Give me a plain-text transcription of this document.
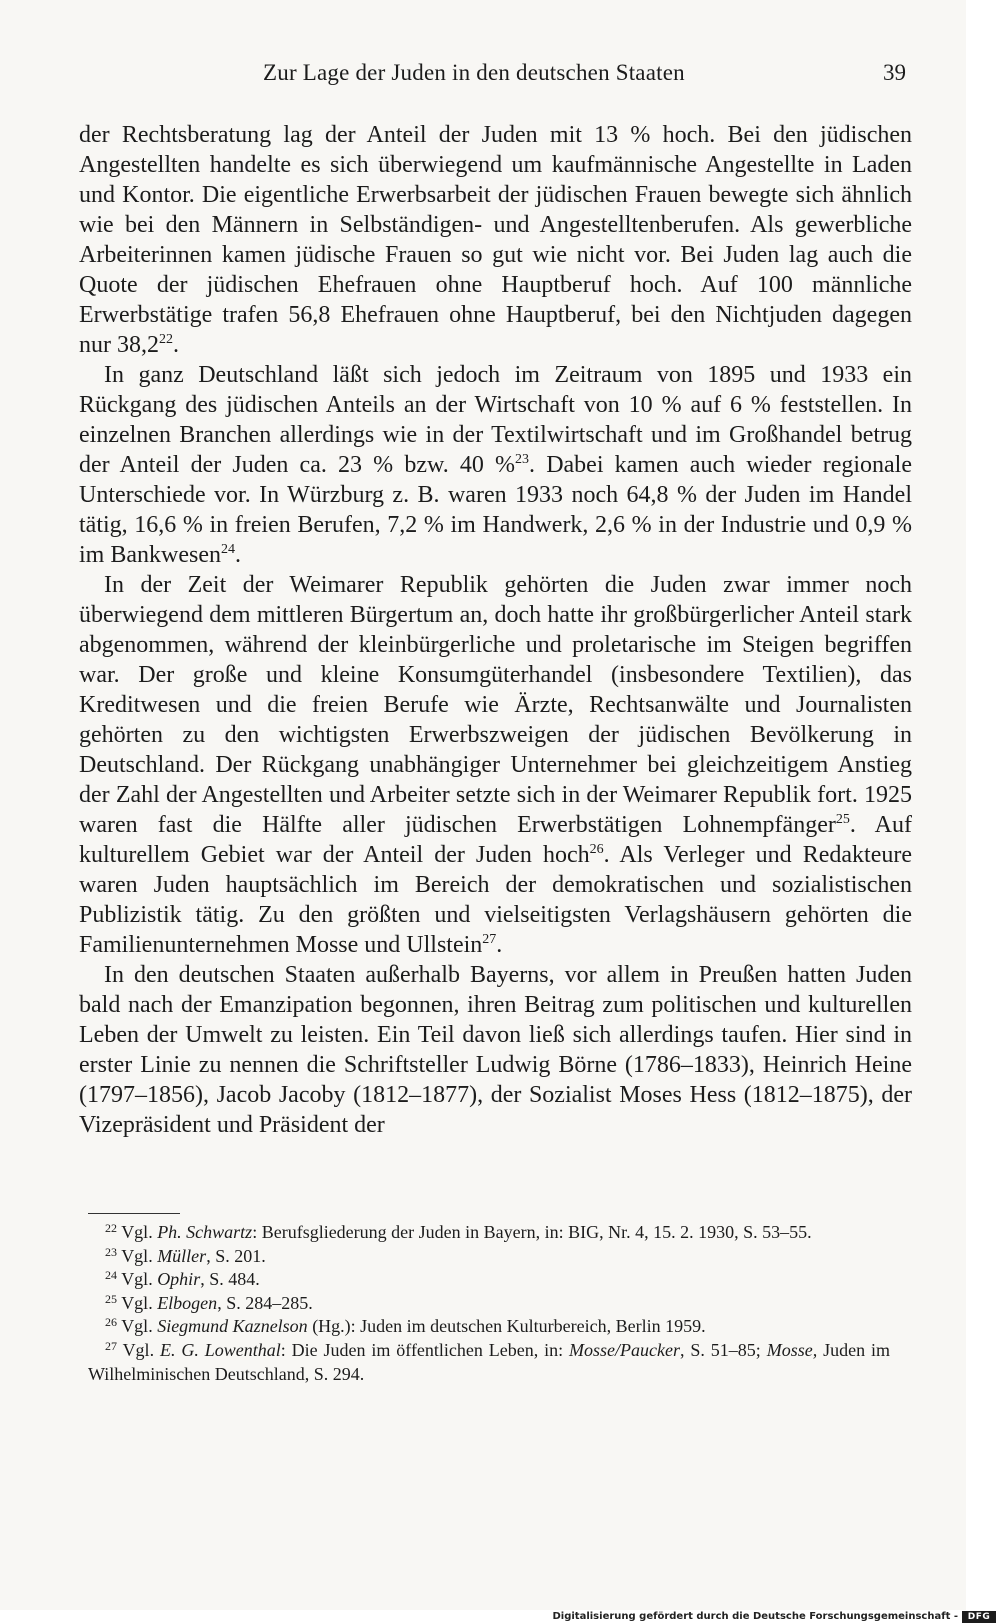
Zur Lage der Juden in den deutschen Staaten	39

der Rechtsberatung lag der Anteil der Juden mit 13 % hoch. Bei den jüdischen Angestellten handelte es sich überwiegend um kaufmännische Angestellte in Laden und Kontor. Die eigentliche Erwerbsarbeit der jüdischen Frauen bewegte sich ähnlich wie bei den Männern in Selbständigen- und Angestelltenberufen. Als gewerbliche Arbeiterinnen kamen jüdische Frauen so gut wie nicht vor. Bei Juden lag auch die Quote der jüdischen Ehefrauen ohne Hauptberuf hoch. Auf 100 männliche Erwerbstätige trafen 56,8 Ehefrauen ohne Hauptberuf, bei den Nichtjuden dagegen nur 38,2$^{22}$.

In ganz Deutschland läßt sich jedoch im Zeitraum von 1895 und 1933 ein Rückgang des jüdischen Anteils an der Wirtschaft von 10 % auf 6 % feststellen. In einzelnen Branchen allerdings wie in der Textilwirtschaft und im Großhandel betrug der Anteil der Juden ca. 23 % bzw. 40 %$^{23}$. Dabei kamen auch wieder regionale Unterschiede vor. In Würzburg z. B. waren 1933 noch 64,8 % der Juden im Handel tätig, 16,6 % in freien Berufen, 7,2 % im Handwerk, 2,6 % in der Industrie und 0,9 % im Bankwesen$^{24}$.

In der Zeit der Weimarer Republik gehörten die Juden zwar immer noch überwiegend dem mittleren Bürgertum an, doch hatte ihr großbürgerlicher Anteil stark abgenommen, während der kleinbürgerliche und proletarische im Steigen begriffen war. Der große und kleine Konsumgüterhandel (insbesondere Textilien), das Kreditwesen und die freien Berufe wie Ärzte, Rechtsanwälte und Journalisten gehörten zu den wichtigsten Erwerbszweigen der jüdischen Bevölkerung in Deutschland. Der Rückgang unabhängiger Unternehmer bei gleichzeitigem Anstieg der Zahl der Angestellten und Arbeiter setzte sich in der Weimarer Republik fort. 1925 waren fast die Hälfte aller jüdischen Erwerbstätigen Lohnempfänger$^{25}$. Auf kulturellem Gebiet war der Anteil der Juden hoch$^{26}$. Als Verleger und Redakteure waren Juden hauptsächlich im Bereich der demokratischen und sozialistischen Publizistik tätig. Zu den größten und vielseitigsten Verlagshäusern gehörten die Familienunternehmen Mosse und Ullstein$^{27}$.

In den deutschen Staaten außerhalb Bayerns, vor allem in Preußen hatten Juden bald nach der Emanzipation begonnen, ihren Beitrag zum politischen und kulturellen Leben der Umwelt zu leisten. Ein Teil davon ließ sich allerdings taufen. Hier sind in erster Linie zu nennen die Schriftsteller Ludwig Börne (1786–1833), Heinrich Heine (1797–1856), Jacob Jacoby (1812–1877), der Sozialist Moses Hess (1812–1875), der Vizepräsident und Präsident der

$^{22}$ Vgl. Ph. Schwartz: Berufsgliederung der Juden in Bayern, in: BIG, Nr. 4, 15. 2. 1930, S. 53–55.

$^{23}$ Vgl. Müller, S. 201.

$^{24}$ Vgl. Ophir, S. 484.

$^{25}$ Vgl. Elbogen, S. 284–285.

$^{26}$ Vgl. Siegmund Kaznelson (Hg.): Juden im deutschen Kulturbereich, Berlin 1959.

$^{27}$ Vgl. E. G. Lowenthal: Die Juden im öffentlichen Leben, in: Mosse/Paucker, S. 51–85; Mosse, Juden im Wilhelminischen Deutschland, S. 294.

Digitalisierung gefördert durch die Deutsche Forschungsgemeinschaft -	DFG
